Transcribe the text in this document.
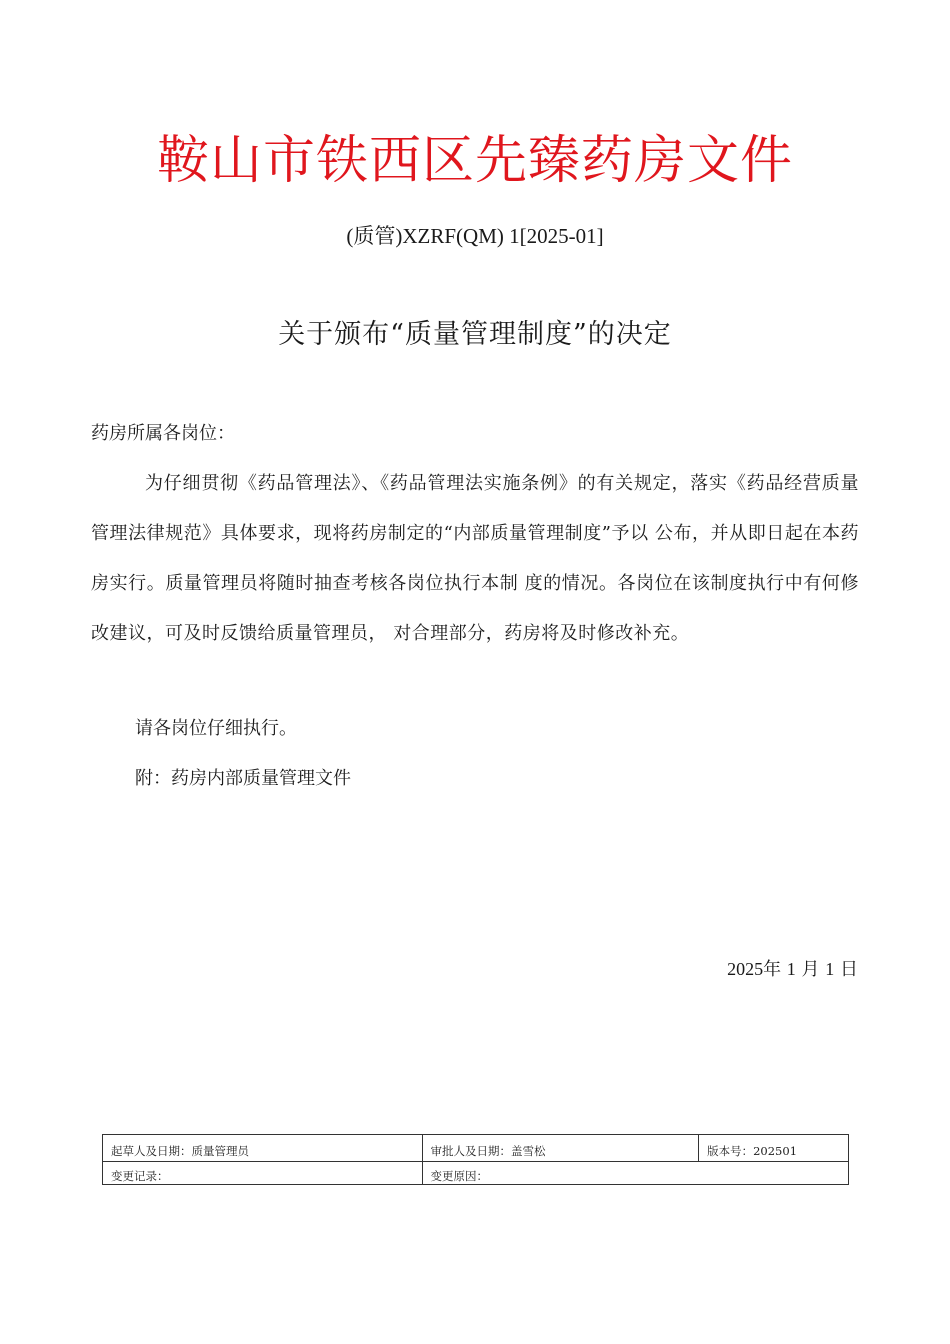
鞍山市铁西区先臻药房文件
(质管)XZRF(QM) 1[2025-01]
关于颁布“质量管理制度”的决定
药房所属各岗位：

为仔细贯彻《药品管理法》、《药品管理法实施条例》的有关规定，落实《药品经营质量管理法律规范》具体要求，现将药房制定的“内部质量管理制度”予以 公布，并从即日起在本药房实行。质量管理员将随时抽查考核各岗位执行本制 度的情况。各岗位在该制度执行中有何修改建议，可及时反馈给质量管理员， 对合理部分，药房将及时修改补充。

请各岗位仔细执行。
附：药房内部质量管理文件
2025年 1 月 1 日
起草人及日期：质量管理员	审批人及日期：盖雪松	版本号：202501
变更记录：	变更原因：	
